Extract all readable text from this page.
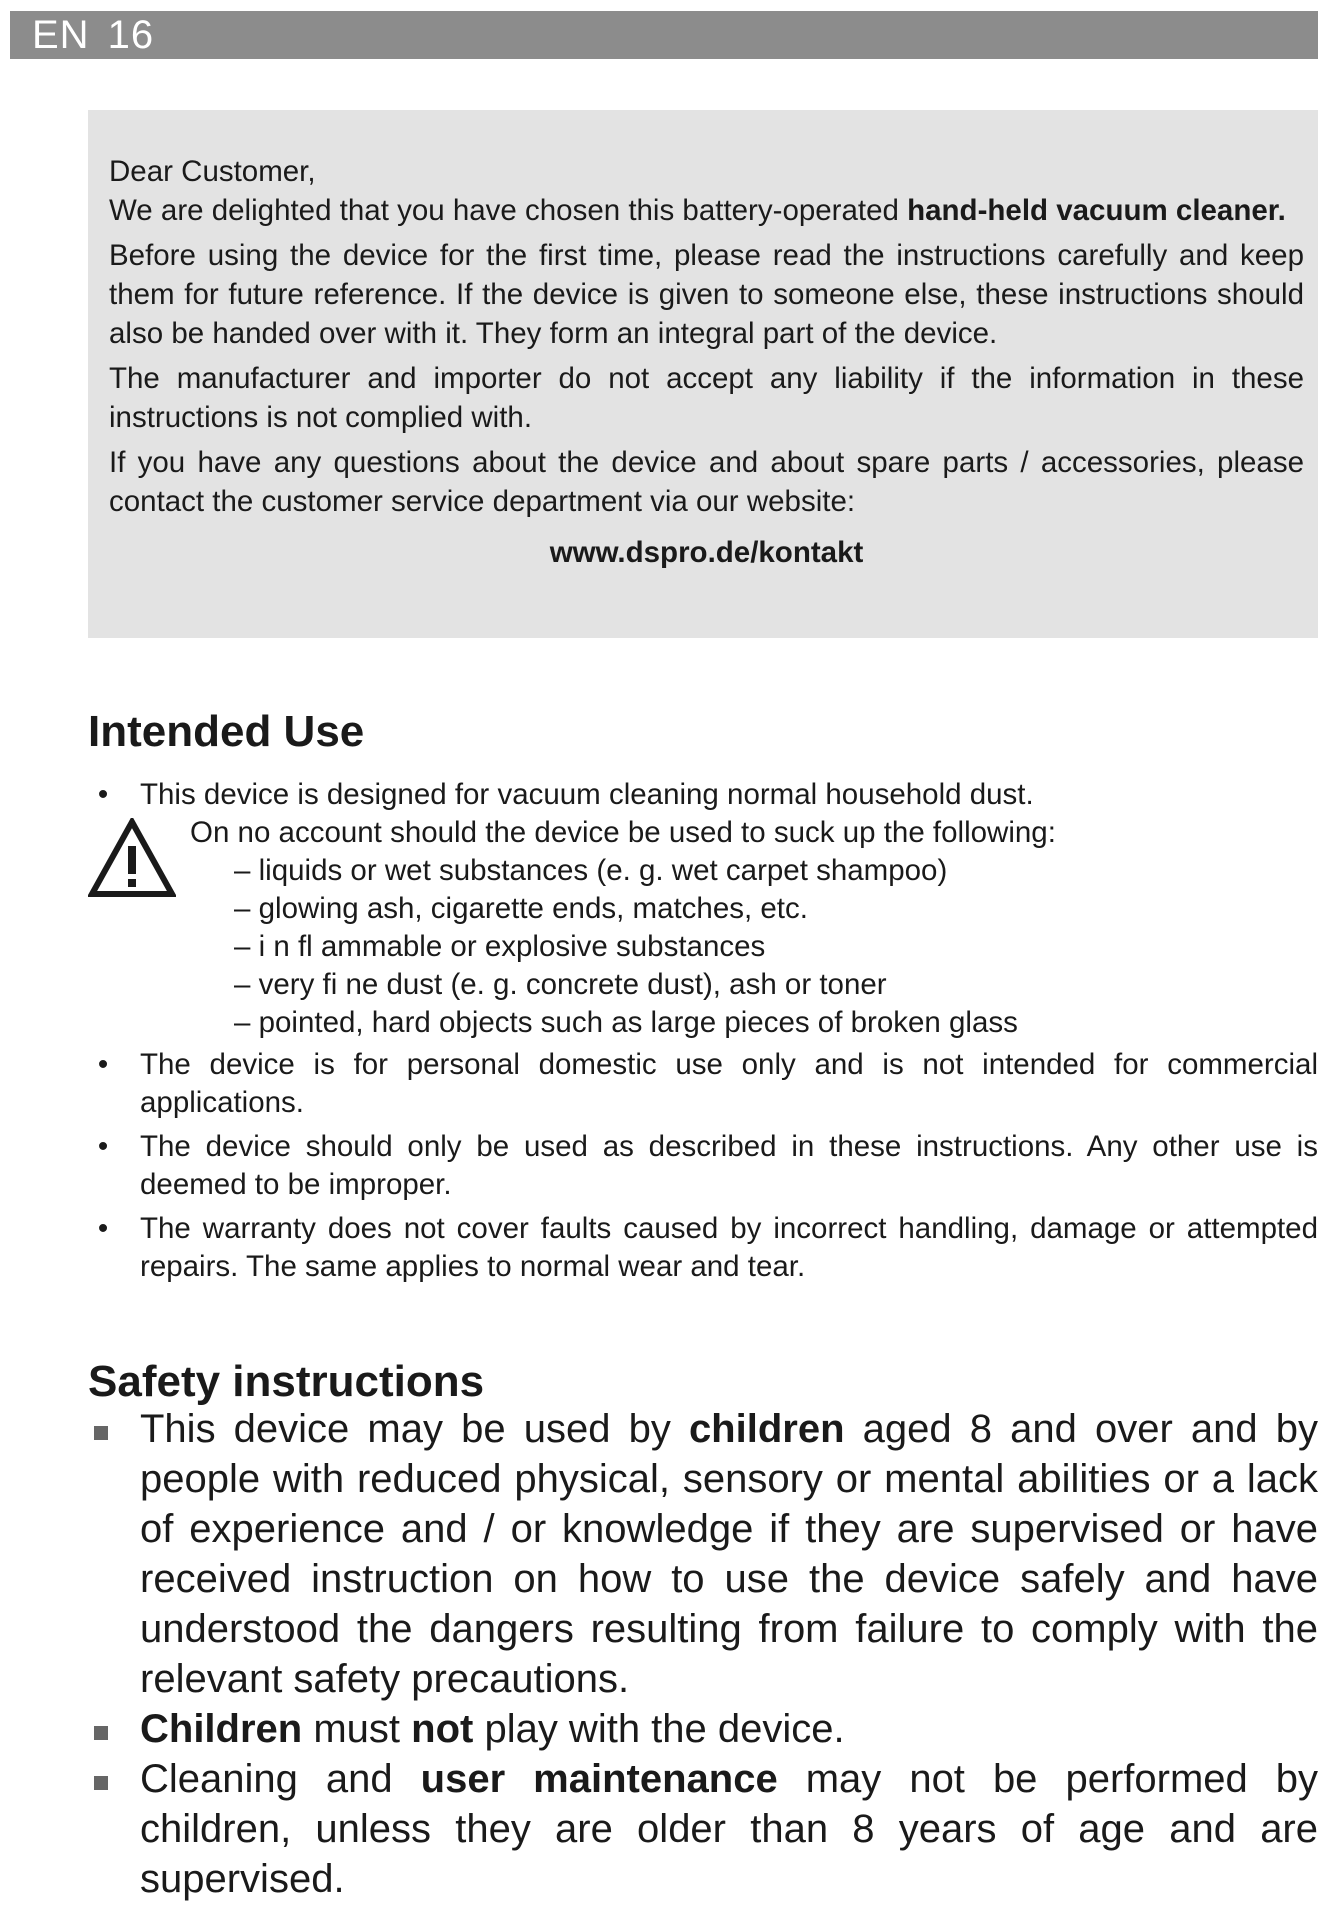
EN 16

Dear Customer,

We are delighted that you have chosen this battery-operated hand-held vacuum cleaner.

Before using the device for the first time, please read the instructions carefully and keep them for future reference. If the device is given to someone else, these instructions should also be handed over with it. They form an integral part of the device.

The manufacturer and importer do not accept any liability if the information in these instructions is not complied with.

If you have any questions about the device and about spare parts / accessories, please contact the customer service department via our website:

www.dspro.de/kontakt
Intended Use
•	This device is designed for vacuum cleaning normal household dust.
On no account should the device be used to suck up the following:
– liquids or wet substances (e. g. wet carpet shampoo)
– glowing ash, cigarette ends, matches, etc.
– i n fl ammable or explosive substances
– very fi ne dust (e. g. concrete dust), ash or toner
– pointed, hard objects such as large pieces of broken glass
•	The device is for personal domestic use only and is not intended for commercial applications.
•	The device should only be used as described in these instructions. Any other use is deemed to be improper.
•	The warranty does not cover faults caused by incorrect handling, damage or attempted repairs. The same applies to normal wear and tear.
Safety instructions
This device may be used by children aged 8 and over and by people with reduced physical, sensory or mental abilities or a lack of experience and / or knowledge if they are supervised or have received instruction on how to use the device safely and have understood the dangers resulting from failure to comply with the relevant safety precautions.
Children must not play with the device.
Cleaning and user maintenance may not be performed by children, unless they are older than 8 years of age and are supervised.
